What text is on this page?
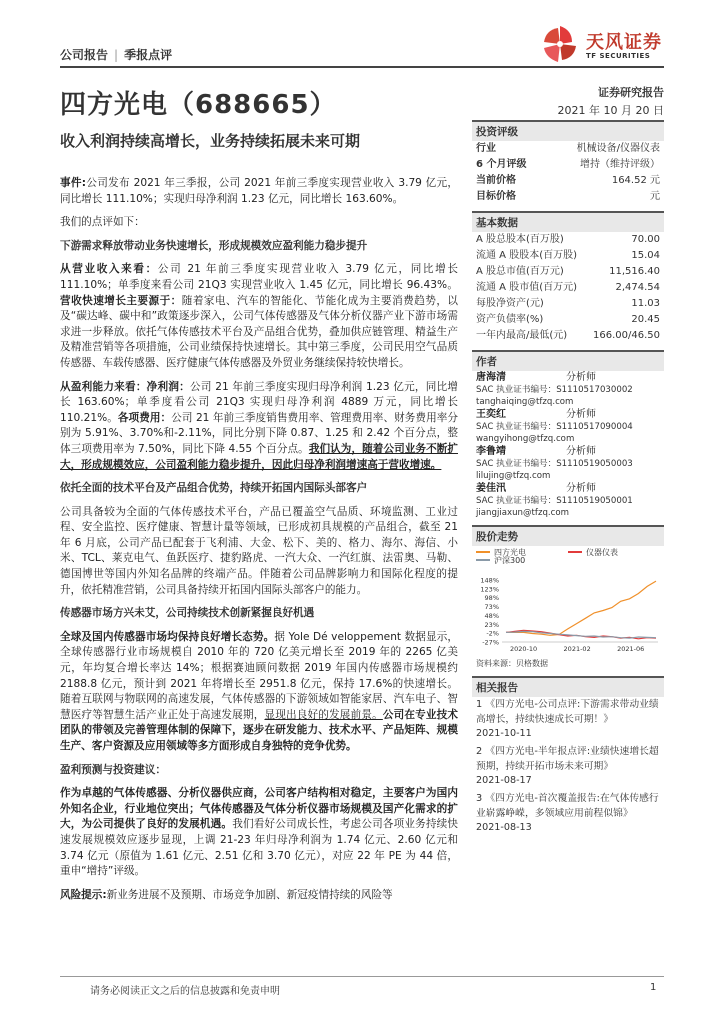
公司报告 | 季报点评
天风证券
TF SECURITIES
四方光电（688665）	证券研究报告
2021 年 10 月 20 日
收入利润持续高增长，业务持续拓展未来可期	投资评级
行业	机械设备/仪器仪表
6 个月评级	增持（维持评级）
当前价格	164.52 元
目标价格	元
基本数据
A 股总股本(百万股)	70.00
流通 A 股股本(百万股)	15.04
A 股总市值(百万元)	11,516.40
流通 A 股市值(百万元)	2,474.54
每股净资产(元)	11.03
资产负债率(%)	20.45
一年内最高/最低(元)	166.00/46.50
作者
唐海清	分析师
SAC 执业证书编号：S1110517030002
tanghaiqing@tfzq.com
王奕红	分析师
SAC 执业证书编号：S1110517090004
wangyihong@tfzq.com
李鲁靖	分析师
SAC 执业证书编号：S1110519050003
lilujing@tfzq.com
姜佳汛	分析师
SAC 执业证书编号：S1110519050001
jiangjiaxun@tfzq.com
股价走势
四方光电	仪器仪表
沪深300
148%
123%
98%
73%
48%
23%
-2%
-27%
2020-10	2021-02	2021-06
资料来源：贝格数据
相关报告
1 《四方光电-公司点评:下游需求带动业绩高增长，持续快速成长可期！》
2021-10-11
2 《四方光电-半年报点评:业绩快速增长超预期，持续开拓市场未来可期》
2021-08-17
3 《四方光电-首次覆盖报告:在气体传感行业崭露峥嵘，多领域应用前程似锦》
2021-08-13
事件:公司发布 2021 年三季报，公司 2021 年前三季度实现营业收入 3.79 亿元，同比增长 111.10%；实现归母净利润 1.23 亿元，同比增长 163.60%。
我们的点评如下：
下游需求释放带动业务快速增长，形成规模效应盈利能力稳步提升
从营业收入来看：公司 21 年前三季度实现营业收入 3.79 亿元，同比增长 111.10%；单季度来看公司 21Q3 实现营业收入 1.45 亿元，同比增长 96.43%。营收快速增长主要源于：随着家电、汽车的智能化、节能化成为主要消费趋势，以及“碳达峰、碳中和”政策逐步深入，公司气体传感器及气体分析仪器产业下游市场需求进一步释放。依托气体传感技术平台及产品组合优势，叠加供应链管理、精益生产及精准营销等各项措施，公司业绩保持快速增长。其中第三季度，公司民用空气品质传感器、车载传感器、医疗健康气体传感器及外贸业务继续保持较快增长。
从盈利能力来看：净利润：公司 21 年前三季度实现归母净利润 1.23 亿元，同比增长 163.60%；单季度看公司 21Q3 实现归母净利润 4889 万元，同比增长 110.21%。各项费用：公司 21 年前三季度销售费用率、管理费用率、财务费用率分别为 5.91%、3.70%和-2.11%，同比分别下降 0.87、1.25 和 2.42 个百分点，整体三项费用率为 7.50%，同比下降 4.55 个百分点。我们认为，随着公司业务不断扩大，形成规模效应，公司盈利能力稳步提升，因此归母净利润增速高于营收增速。
依托全面的技术平台及产品组合优势，持续开拓国内国际头部客户
公司具备较为全面的气体传感技术平台，产品已覆盖空气品质、环境监测、工业过程、安全监控、医疗健康、智慧计量等领域，已形成初具规模的产品组合，截至 21 年 6 月底，公司产品已配套于飞利浦、大金、松下、美的、格力、海尔、海信、小米、TCL、莱克电气、鱼跃医疗、捷豹路虎、一汽大众、一汽红旗、法雷奥、马勒、德国博世等国内外知名品牌的终端产品。伴随着公司品牌影响力和国际化程度的提升，依托精准营销，公司具备持续开拓国内国际头部客户的能力。
传感器市场方兴未艾，公司持续技术创新紧握良好机遇
全球及国内传感器市场均保持良好增长态势。据 Yole Dé veloppement 数据显示，全球传感器行业市场规模自 2010 年的 720 亿美元增长至 2019 年的 2265 亿美元，年均复合增长率达 14%；根据赛迪顾问数据 2019 年国内传感器市场规模约 2188.8 亿元，预计到 2021 年将增长至 2951.8 亿元，保持 17.6%的快速增长。随着互联网与物联网的高速发展，气体传感器的下游领域如智能家居、汽车电子、智慧医疗等智慧生活产业正处于高速发展期，显现出良好的发展前景。公司在专业技术团队的带领及完善管理体制的保障下，逐步在研发能力、技术水平、产品矩阵、规模生产、客户资源及应用领域等多方面形成自身独特的竞争优势。
盈利预测与投资建议：
作为卓越的气体传感器、分析仪器供应商，公司客户结构相对稳定，主要客户为国内外知名企业，行业地位突出；气体传感器及气体分析仪器市场规模及国产化需求的扩大，为公司提供了良好的发展机遇。我们看好公司成长性，考虑公司各项业务持续快速发展规模效应逐步显现，上调 21-23 年归母净利润为 1.74 亿元、2.60 亿元和 3.74 亿元（原值为 1.61 亿元、2.51 亿和 3.70 亿元），对应 22 年 PE 为 44 倍，重申“增持”评级。
风险提示:新业务进展不及预期、市场竞争加剧、新冠疫情持续的风险等
请务必阅读正文之后的信息披露和免责申明	1
